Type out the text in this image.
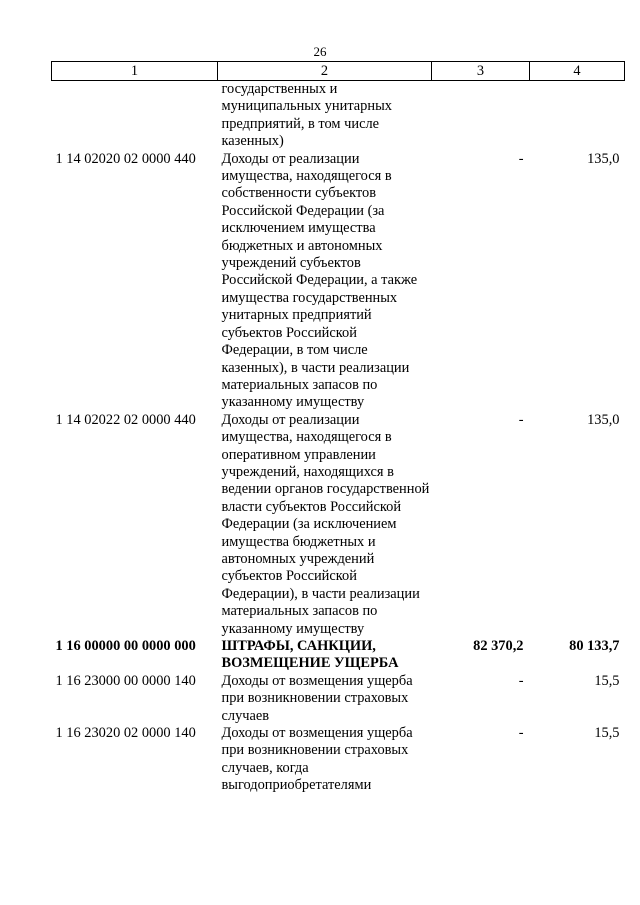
26
1	2	3	4
	государственных и муниципальных унитарных предприятий, в том числе казенных)		
1 14 02020 02 0000 440	Доходы от реализации имущества, находящегося в собственности субъектов Российской Федерации (за исключением имущества бюджетных и автономных учреждений субъектов Российской Федерации, а также имущества государственных унитарных предприятий субъектов Российской Федерации, в том числе казенных), в части реализации материальных запасов по указанному имуществу	-	135,0
1 14 02022 02 0000 440	Доходы от реализации имущества, находящегося в оперативном управлении учреждений, находящихся в ведении органов государственной власти субъектов Российской Федерации (за исключением имущества бюджетных и автономных учреждений субъектов Российской Федерации), в части реализации материальных запасов по указанному имуществу	-	135,0
1 16 00000 00 0000 000	ШТРАФЫ, САНКЦИИ, ВОЗМЕЩЕНИЕ УЩЕРБА	82 370,2	80 133,7
1 16 23000 00 0000 140	Доходы от возмещения ущерба при возникновении страховых случаев	-	15,5
1 16 23020 02 0000 140	Доходы от возмещения ущерба при возникновении страховых случаев, когда выгодоприобретателями	-	15,5
